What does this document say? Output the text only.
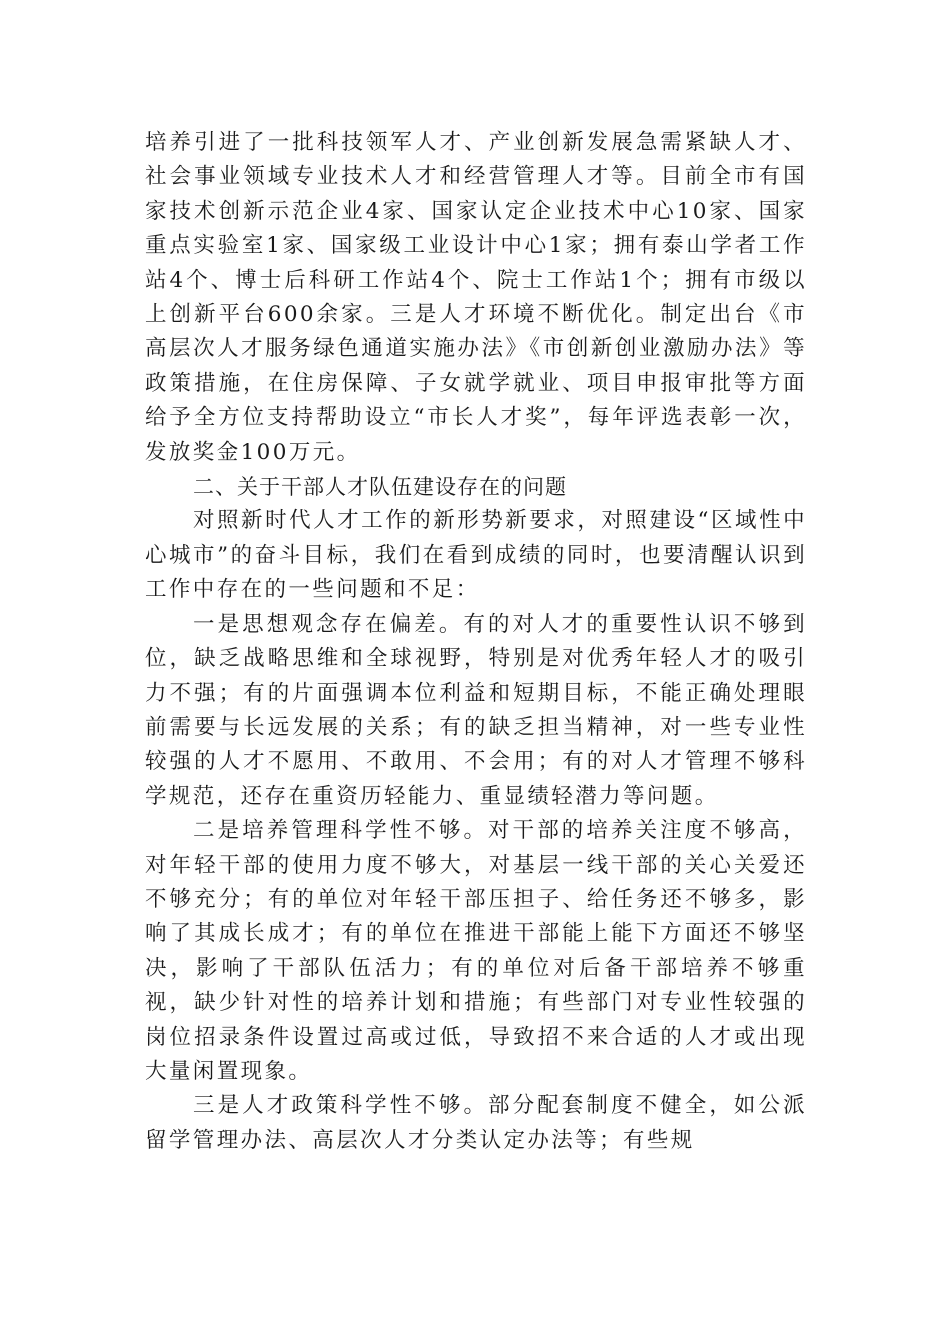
培养引进了一批科技领军人才、产业创新发展急需紧缺人才、社会事业领域专业技术人才和经营管理人才等。目前全市有国家技术创新示范企业4家、国家认定企业技术中心10家、国家重点实验室1家、国家级工业设计中心1家；拥有泰山学者工作站4个、博士后科研工作站4个、院士工作站1个；拥有市级以上创新平台600余家。三是人才环境不断优化。制定出台《市高层次人才服务绿色通道实施办法》《市创新创业激励办法》等政策措施，在住房保障、子女就学就业、项目申报审批等方面给予全方位支持帮助设立“市长人才奖”，每年评选表彰一次，发放奖金100万元。

二、关于干部人才队伍建设存在的问题

对照新时代人才工作的新形势新要求，对照建设“区域性中心城市”的奋斗目标，我们在看到成绩的同时，也要清醒认识到工作中存在的一些问题和不足：

一是思想观念存在偏差。有的对人才的重要性认识不够到位，缺乏战略思维和全球视野，特别是对优秀年轻人才的吸引力不强；有的片面强调本位利益和短期目标，不能正确处理眼前需要与长远发展的关系；有的缺乏担当精神，对一些专业性较强的人才不愿用、不敢用、不会用；有的对人才管理不够科学规范，还存在重资历轻能力、重显绩轻潜力等问题。

二是培养管理科学性不够。对干部的培养关注度不够高，对年轻干部的使用力度不够大，对基层一线干部的关心关爱还不够充分；有的单位对年轻干部压担子、给任务还不够多，影响了其成长成才；有的单位在推进干部能上能下方面还不够坚决，影响了干部队伍活力；有的单位对后备干部培养不够重视，缺少针对性的培养计划和措施；有些部门对专业性较强的岗位招录条件设置过高或过低，导致招不来合适的人才或出现大量闲置现象。

三是人才政策科学性不够。部分配套制度不健全，如公派留学管理办法、高层次人才分类认定办法等；有些规
